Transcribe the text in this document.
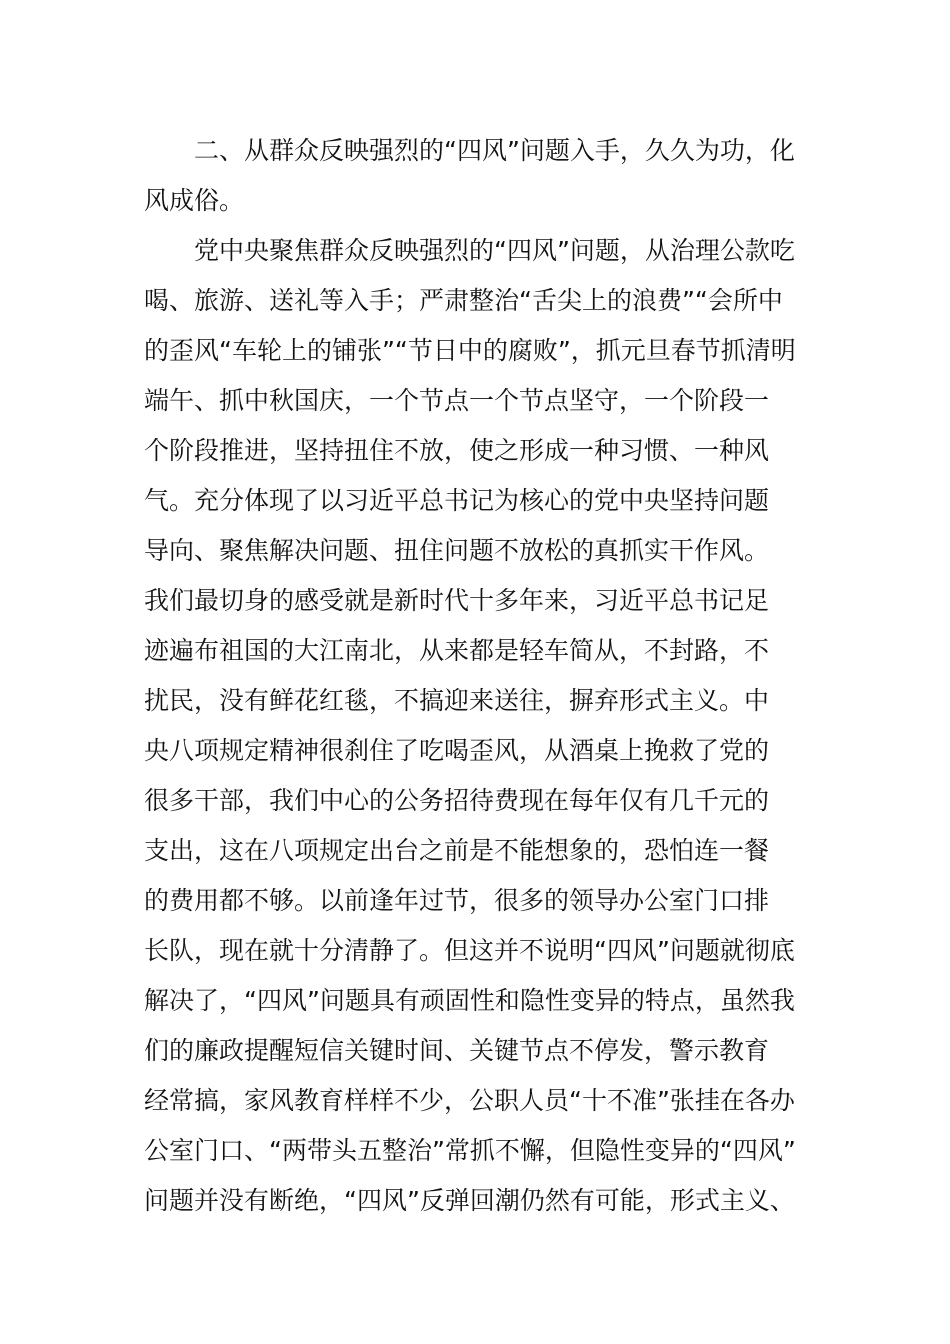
　　二、从群众反映强烈的“四风”问题入手，久久为功，化
风成俗。
　　党中央聚焦群众反映强烈的“四风”问题，从治理公款吃
喝、旅游、送礼等入手；严肃整治“舌尖上的浪费”“会所中
的歪风“车轮上的铺张”“节日中的腐败”，抓元旦春节抓清明
端午、抓中秋国庆，一个节点一个节点坚守，一个阶段一
个阶段推进，坚持扭住不放，使之形成一种习惯、一种风
气。充分体现了以习近平总书记为核心的党中央坚持问题
导向、聚焦解决问题、扭住问题不放松的真抓实干作风。
我们最切身的感受就是新时代十多年来，习近平总书记足
迹遍布祖国的大江南北，从来都是轻车简从，不封路，不
扰民，没有鲜花红毯，不搞迎来送往，摒弃形式主义。中
央八项规定精神很刹住了吃喝歪风，从酒桌上挽救了党的
很多干部，我们中心的公务招待费现在每年仅有几千元的
支出，这在八项规定出台之前是不能想象的，恐怕连一餐
的费用都不够。以前逢年过节，很多的领导办公室门口排
长队，现在就十分清静了。但这并不说明“四风”问题就彻底
解决了，“四风”问题具有顽固性和隐性变异的特点，虽然我
们的廉政提醒短信关键时间、关键节点不停发，警示教育
经常搞，家风教育样样不少，公职人员“十不准”张挂在各办
公室门口、“两带头五整治”常抓不懈，但隐性变异的“四风”
问题并没有断绝，“四风”反弹回潮仍然有可能，形式主义、
